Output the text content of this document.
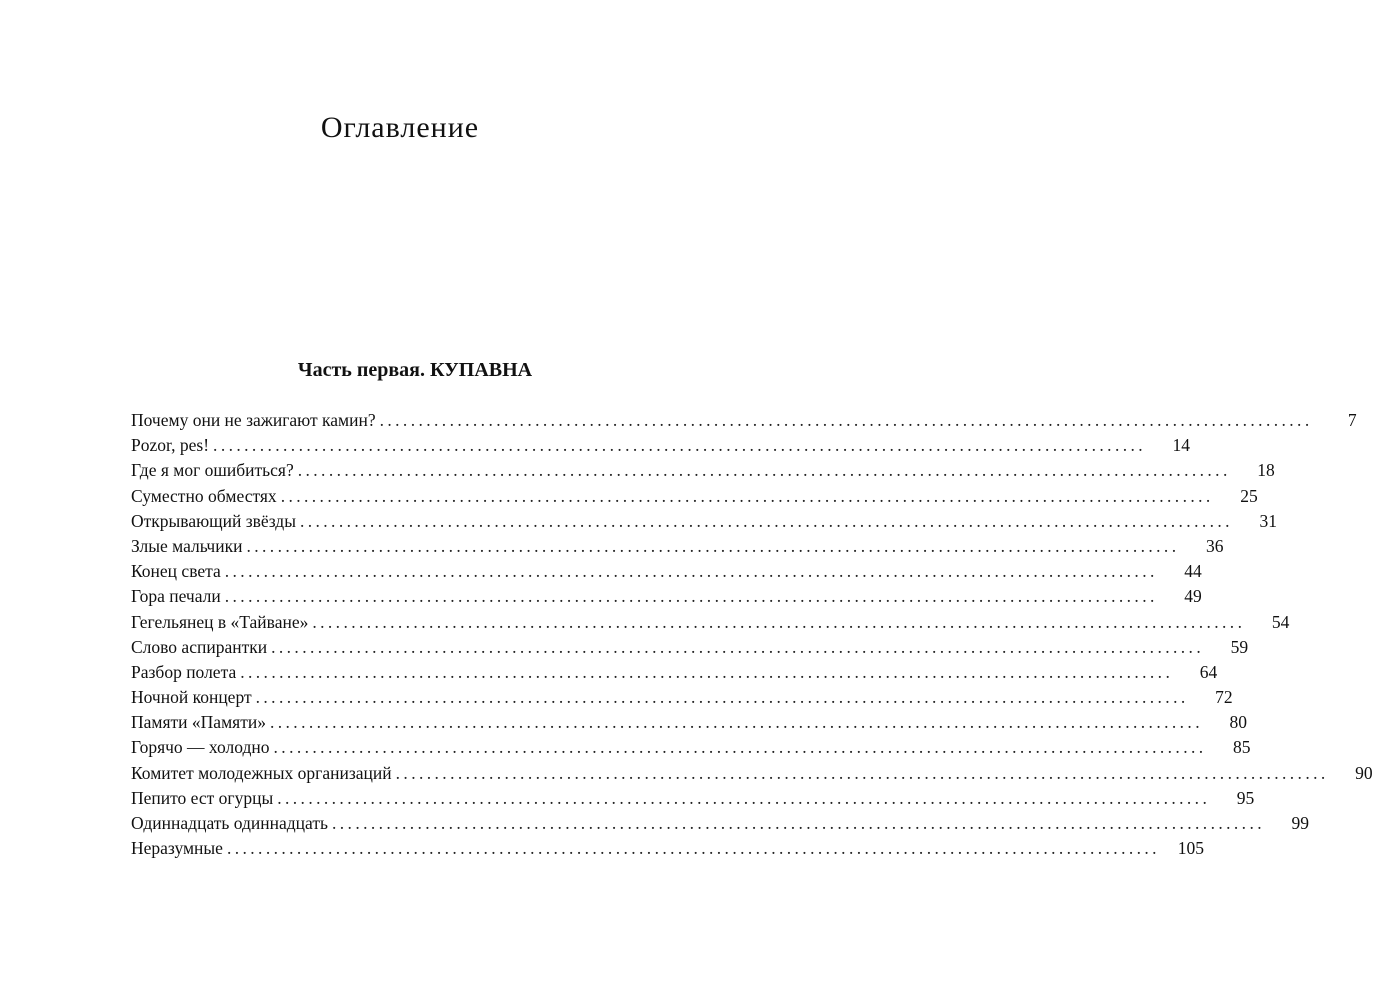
Оглавление
Часть первая. КУПАВНА
Почему они не зажигают камин? ........................................................................................................................	7
Pozor, pes! ........................................................................................................................	14
Где я мог ошибиться? ........................................................................................................................	18
Суместно обместях ........................................................................................................................	25
Открывающий звёзды ........................................................................................................................	31
Злые мальчики ........................................................................................................................	36
Конец света ........................................................................................................................	44
Гора печали ........................................................................................................................	49
Гегельянец в «Тайване» ........................................................................................................................	54
Слово аспирантки ........................................................................................................................	59
Разбор полета ........................................................................................................................	64
Ночной концерт ........................................................................................................................	72
Памяти «Памяти» ........................................................................................................................	80
Горячо — холодно ........................................................................................................................	85
Комитет молодежных организаций ........................................................................................................................	90
Пепито ест огурцы ........................................................................................................................	95
Одиннадцать одиннадцать ........................................................................................................................	99
Неразумные ........................................................................................................................	105
